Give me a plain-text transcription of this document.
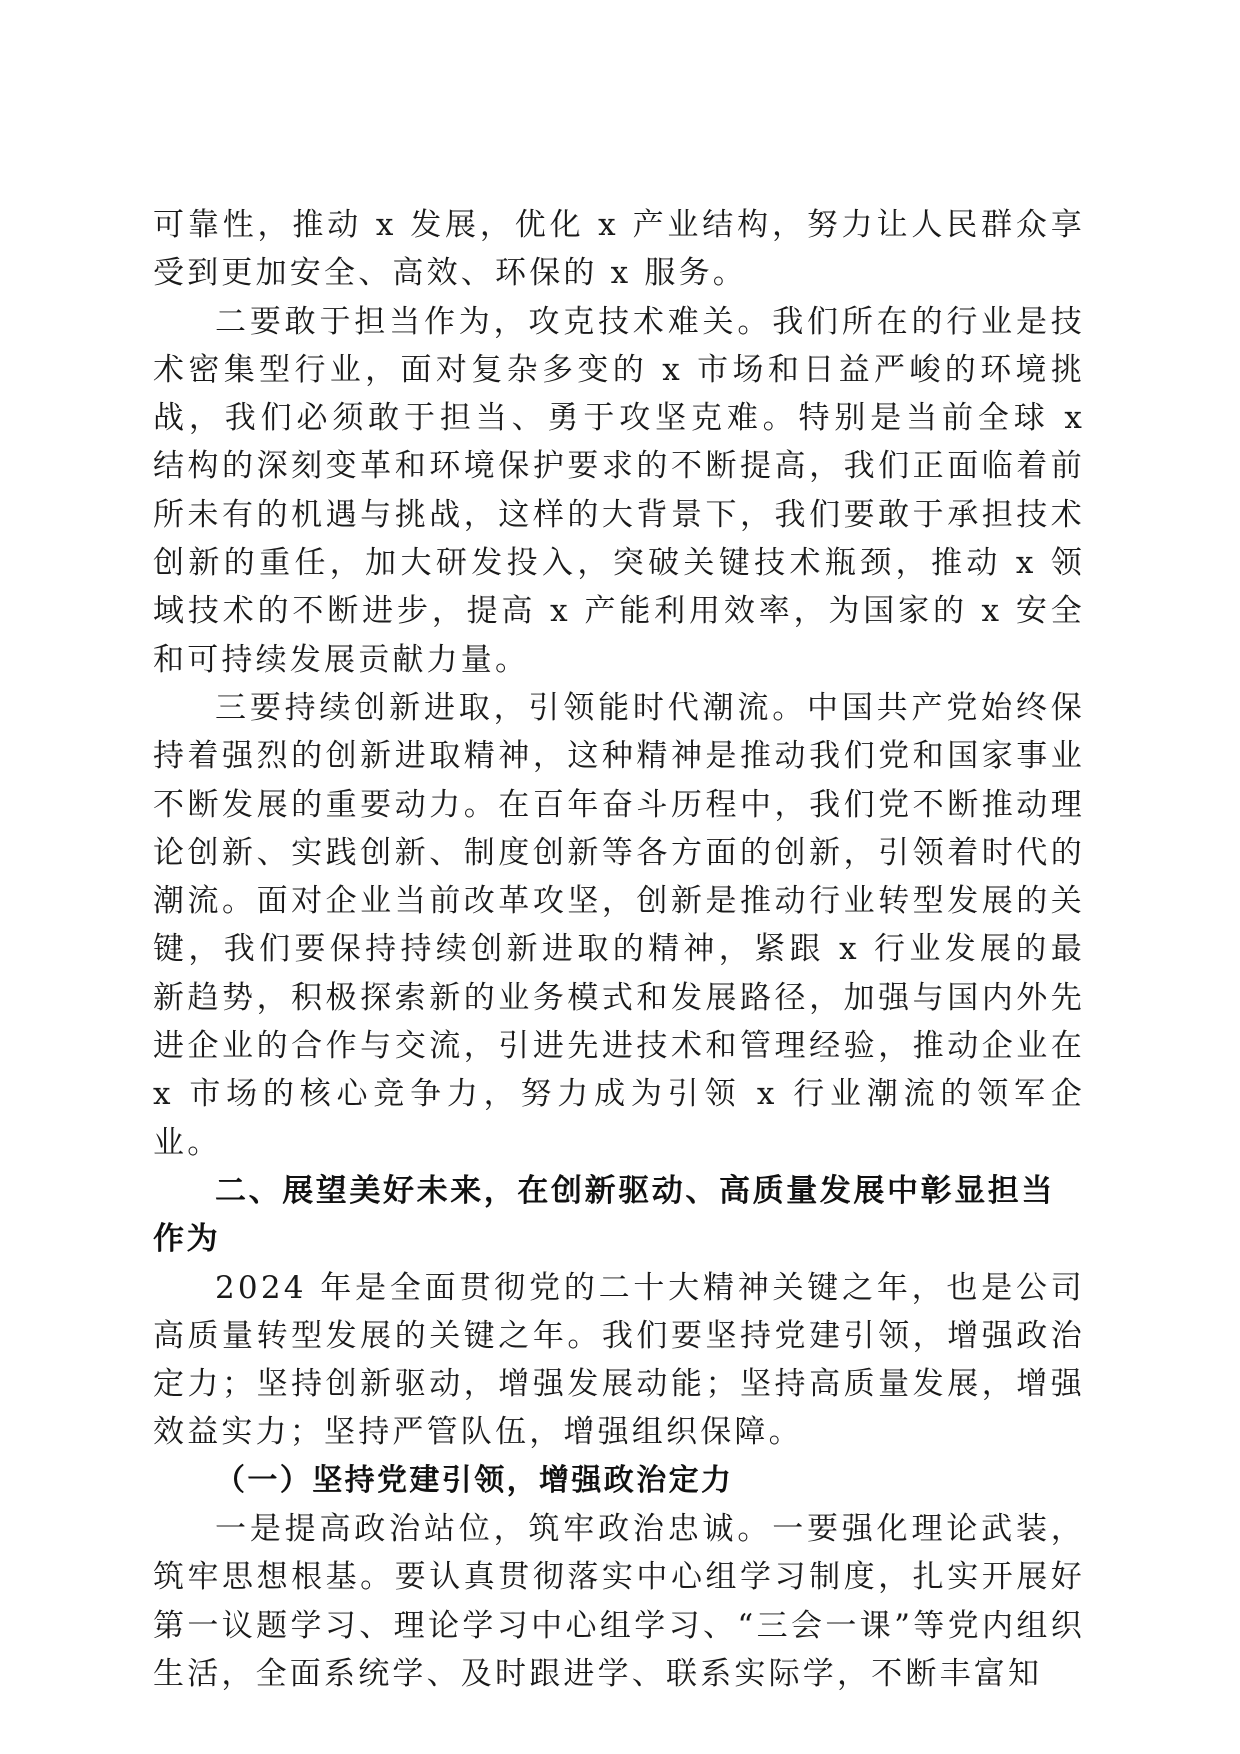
可靠性，推动 x 发展，优化 x 产业结构，努力让人民群众享受到更加安全、高效、环保的 x 服务。

二要敢于担当作为，攻克技术难关。我们所在的行业是技术密集型行业，面对复杂多变的 x 市场和日益严峻的环境挑战，我们必须敢于担当、勇于攻坚克难。特别是当前全球 x 结构的深刻变革和环境保护要求的不断提高，我们正面临着前所未有的机遇与挑战，这样的大背景下，我们要敢于承担技术创新的重任，加大研发投入，突破关键技术瓶颈，推动 x 领域技术的不断进步，提高 x 产能利用效率，为国家的 x 安全和可持续发展贡献力量。

三要持续创新进取，引领能时代潮流。中国共产党始终保持着强烈的创新进取精神，这种精神是推动我们党和国家事业不断发展的重要动力。在百年奋斗历程中，我们党不断推动理论创新、实践创新、制度创新等各方面的创新，引领着时代的潮流。面对企业当前改革攻坚，创新是推动行业转型发展的关键，我们要保持持续创新进取的精神，紧跟 x 行业发展的最新趋势，积极探索新的业务模式和发展路径，加强与国内外先进企业的合作与交流，引进先进技术和管理经验，推动企业在 x 市场的核心竞争力，努力成为引领 x 行业潮流的领军企业。

二、展望美好未来，在创新驱动、高质量发展中彰显担当作为

2024 年是全面贯彻党的二十大精神关键之年，也是公司高质量转型发展的关键之年。我们要坚持党建引领，增强政治定力；坚持创新驱动，增强发展动能；坚持高质量发展，增强效益实力；坚持严管队伍，增强组织保障。

（一）坚持党建引领，增强政治定力

一是提高政治站位，筑牢政治忠诚。一要强化理论武装，筑牢思想根基。要认真贯彻落实中心组学习制度，扎实开展好第一议题学习、理论学习中心组学习、“三会一课”等党内组织生活，全面系统学、及时跟进学、联系实际学，不断丰富知
